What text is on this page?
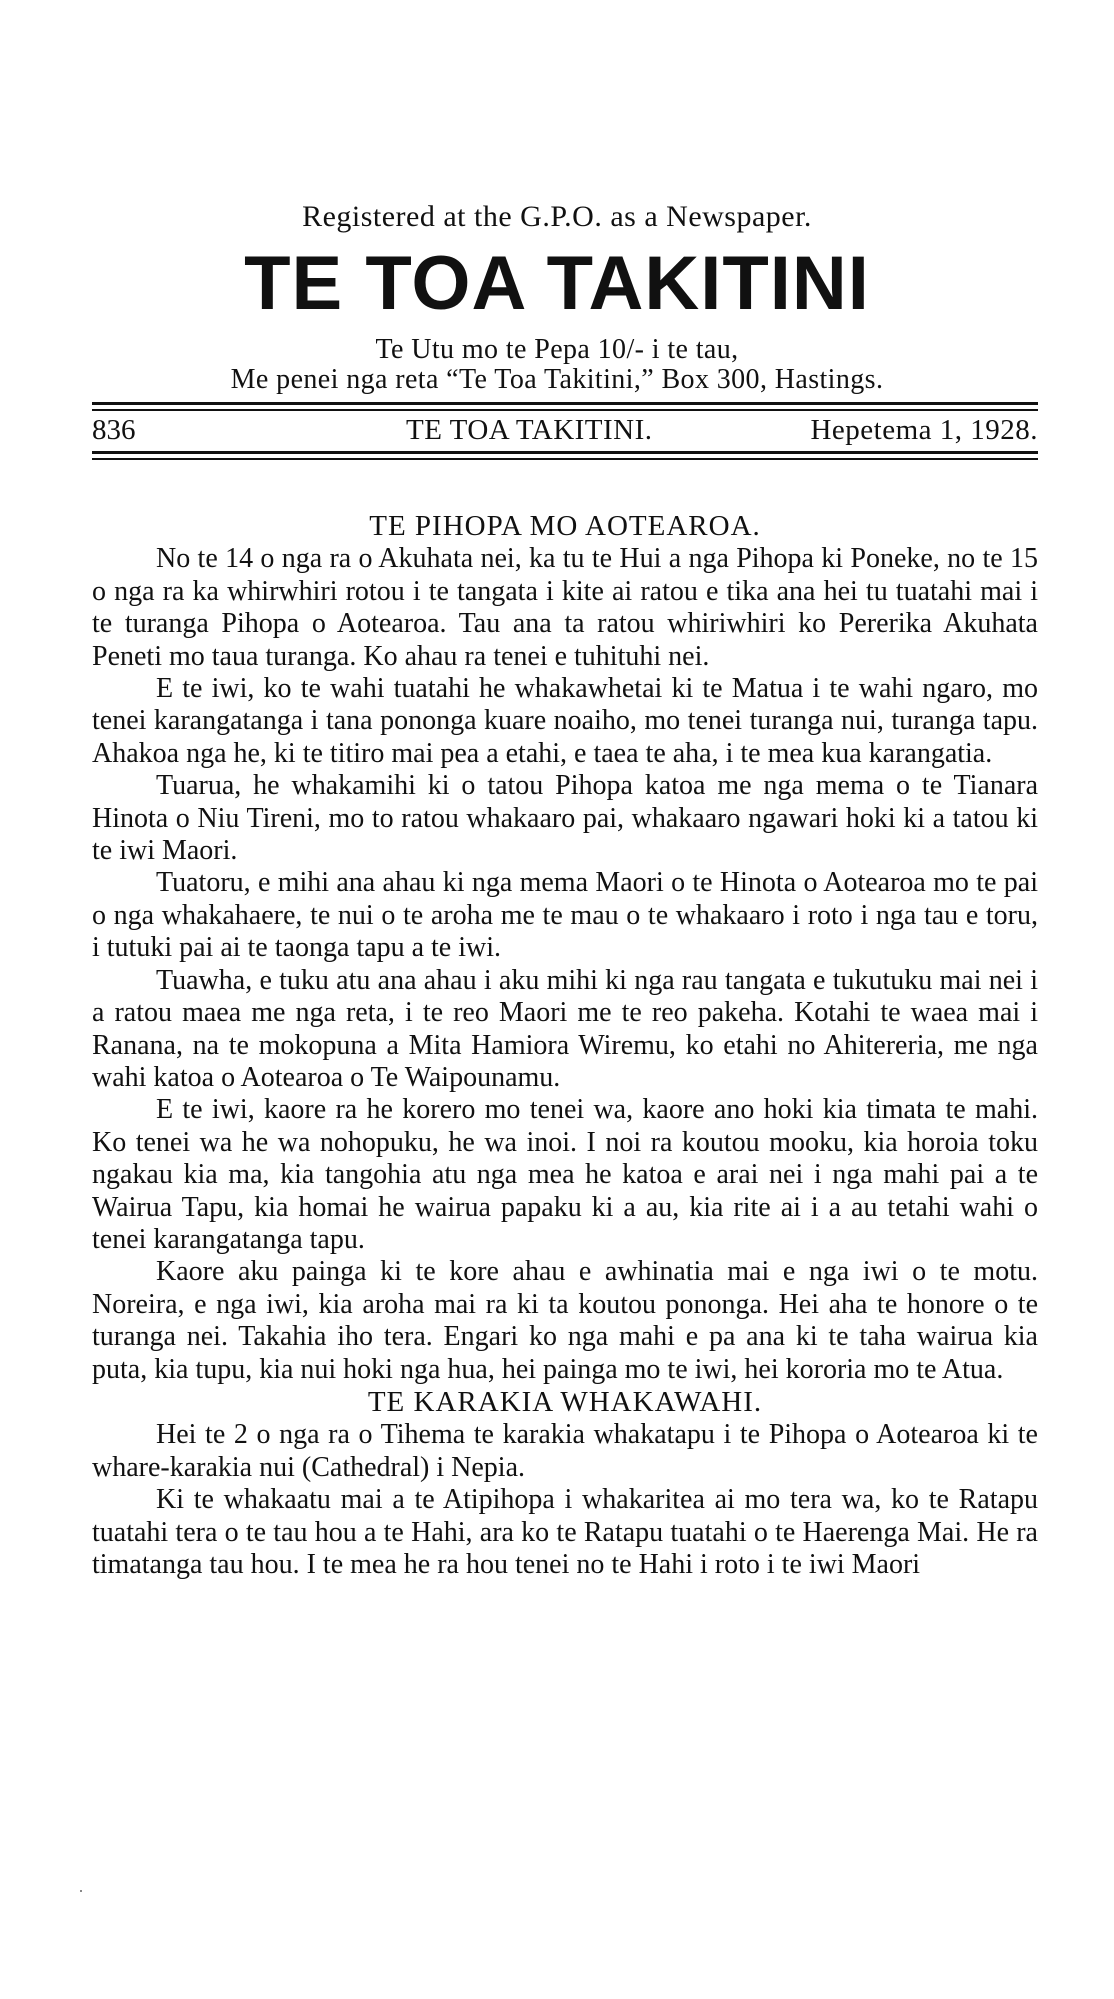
Registered at the G.P.O. as a Newspaper.
TE TOA TAKITINI
Te Utu mo te Pepa 10/- i te tau,
Me penei nga reta “Te Toa Takitini,” Box 300, Hastings.
836	TE TOA TAKITINI.	Hepetema 1, 1928.
TE PIHOPA MO AOTEAROA.

No te 14 o nga ra o Akuhata nei, ka tu te Hui a nga Pihopa ki Poneke, no te 15 o nga ra ka whirwhiri rotou i te tangata i kite ai ratou e tika ana hei tu tuatahi mai i te turanga Pihopa o Aotearoa. Tau ana ta ratou whiriwhiri ko Pererika Akuhata Peneti mo taua turanga. Ko ahau ra tenei e tuhituhi nei.

E te iwi, ko te wahi tuatahi he whakawhetai ki te Matua i te wahi ngaro, mo tenei karangatanga i tana pononga kuare noaiho, mo tenei turanga nui, turanga tapu. Ahakoa nga he, ki te titiro mai pea a etahi, e taea te aha, i te mea kua karangatia.

Tuarua, he whakamihi ki o tatou Pihopa katoa me nga mema o te Tianara Hinota o Niu Tireni, mo to ratou whakaaro pai, whakaaro ngawari hoki ki a tatou ki te iwi Maori.

Tuatoru, e mihi ana ahau ki nga mema Maori o te Hinota o Aotearoa mo te pai o nga whakahaere, te nui o te aroha me te mau o te whakaaro i roto i nga tau e toru, i tutuki pai ai te taonga tapu a te iwi.

Tuawha, e tuku atu ana ahau i aku mihi ki nga rau tangata e tukutuku mai nei i a ratou maea me nga reta, i te reo Maori me te reo pakeha. Kotahi te waea mai i Ranana, na te mokopuna a Mita Hamiora Wiremu, ko etahi no Ahitereria, me nga wahi katoa o Aotearoa o Te Waipounamu.

E te iwi, kaore ra he korero mo tenei wa, kaore ano hoki kia timata te mahi. Ko tenei wa he wa nohopuku, he wa inoi. I noi ra koutou mooku, kia horoia toku ngakau kia ma, kia tangohia atu nga mea he katoa e arai nei i nga mahi pai a te Wairua Tapu, kia homai he wairua papaku ki a au, kia rite ai i a au tetahi wahi o tenei karangatanga tapu.

Kaore aku painga ki te kore ahau e awhinatia mai e nga iwi o te motu. Noreira, e nga iwi, kia aroha mai ra ki ta koutou pononga. Hei aha te honore o te turanga nei. Takahia iho tera. Engari ko nga mahi e pa ana ki te taha wairua kia puta, kia tupu, kia nui hoki nga hua, hei painga mo te iwi, hei kororia mo te Atua.

TE KARAKIA WHAKAWAHI.

Hei te 2 o nga ra o Tihema te karakia whakatapu i te Pihopa o Aotearoa ki te whare-karakia nui (Cathedral) i Nepia.

Ki te whakaatu mai a te Atipihopa i whakaritea ai mo tera wa, ko te Ratapu tuatahi tera o te tau hou a te Hahi, ara ko te Ratapu tuatahi o te Haerenga Mai. He ra timatanga tau hou. I te mea he ra hou tenei no te Hahi i roto i te iwi Maori
